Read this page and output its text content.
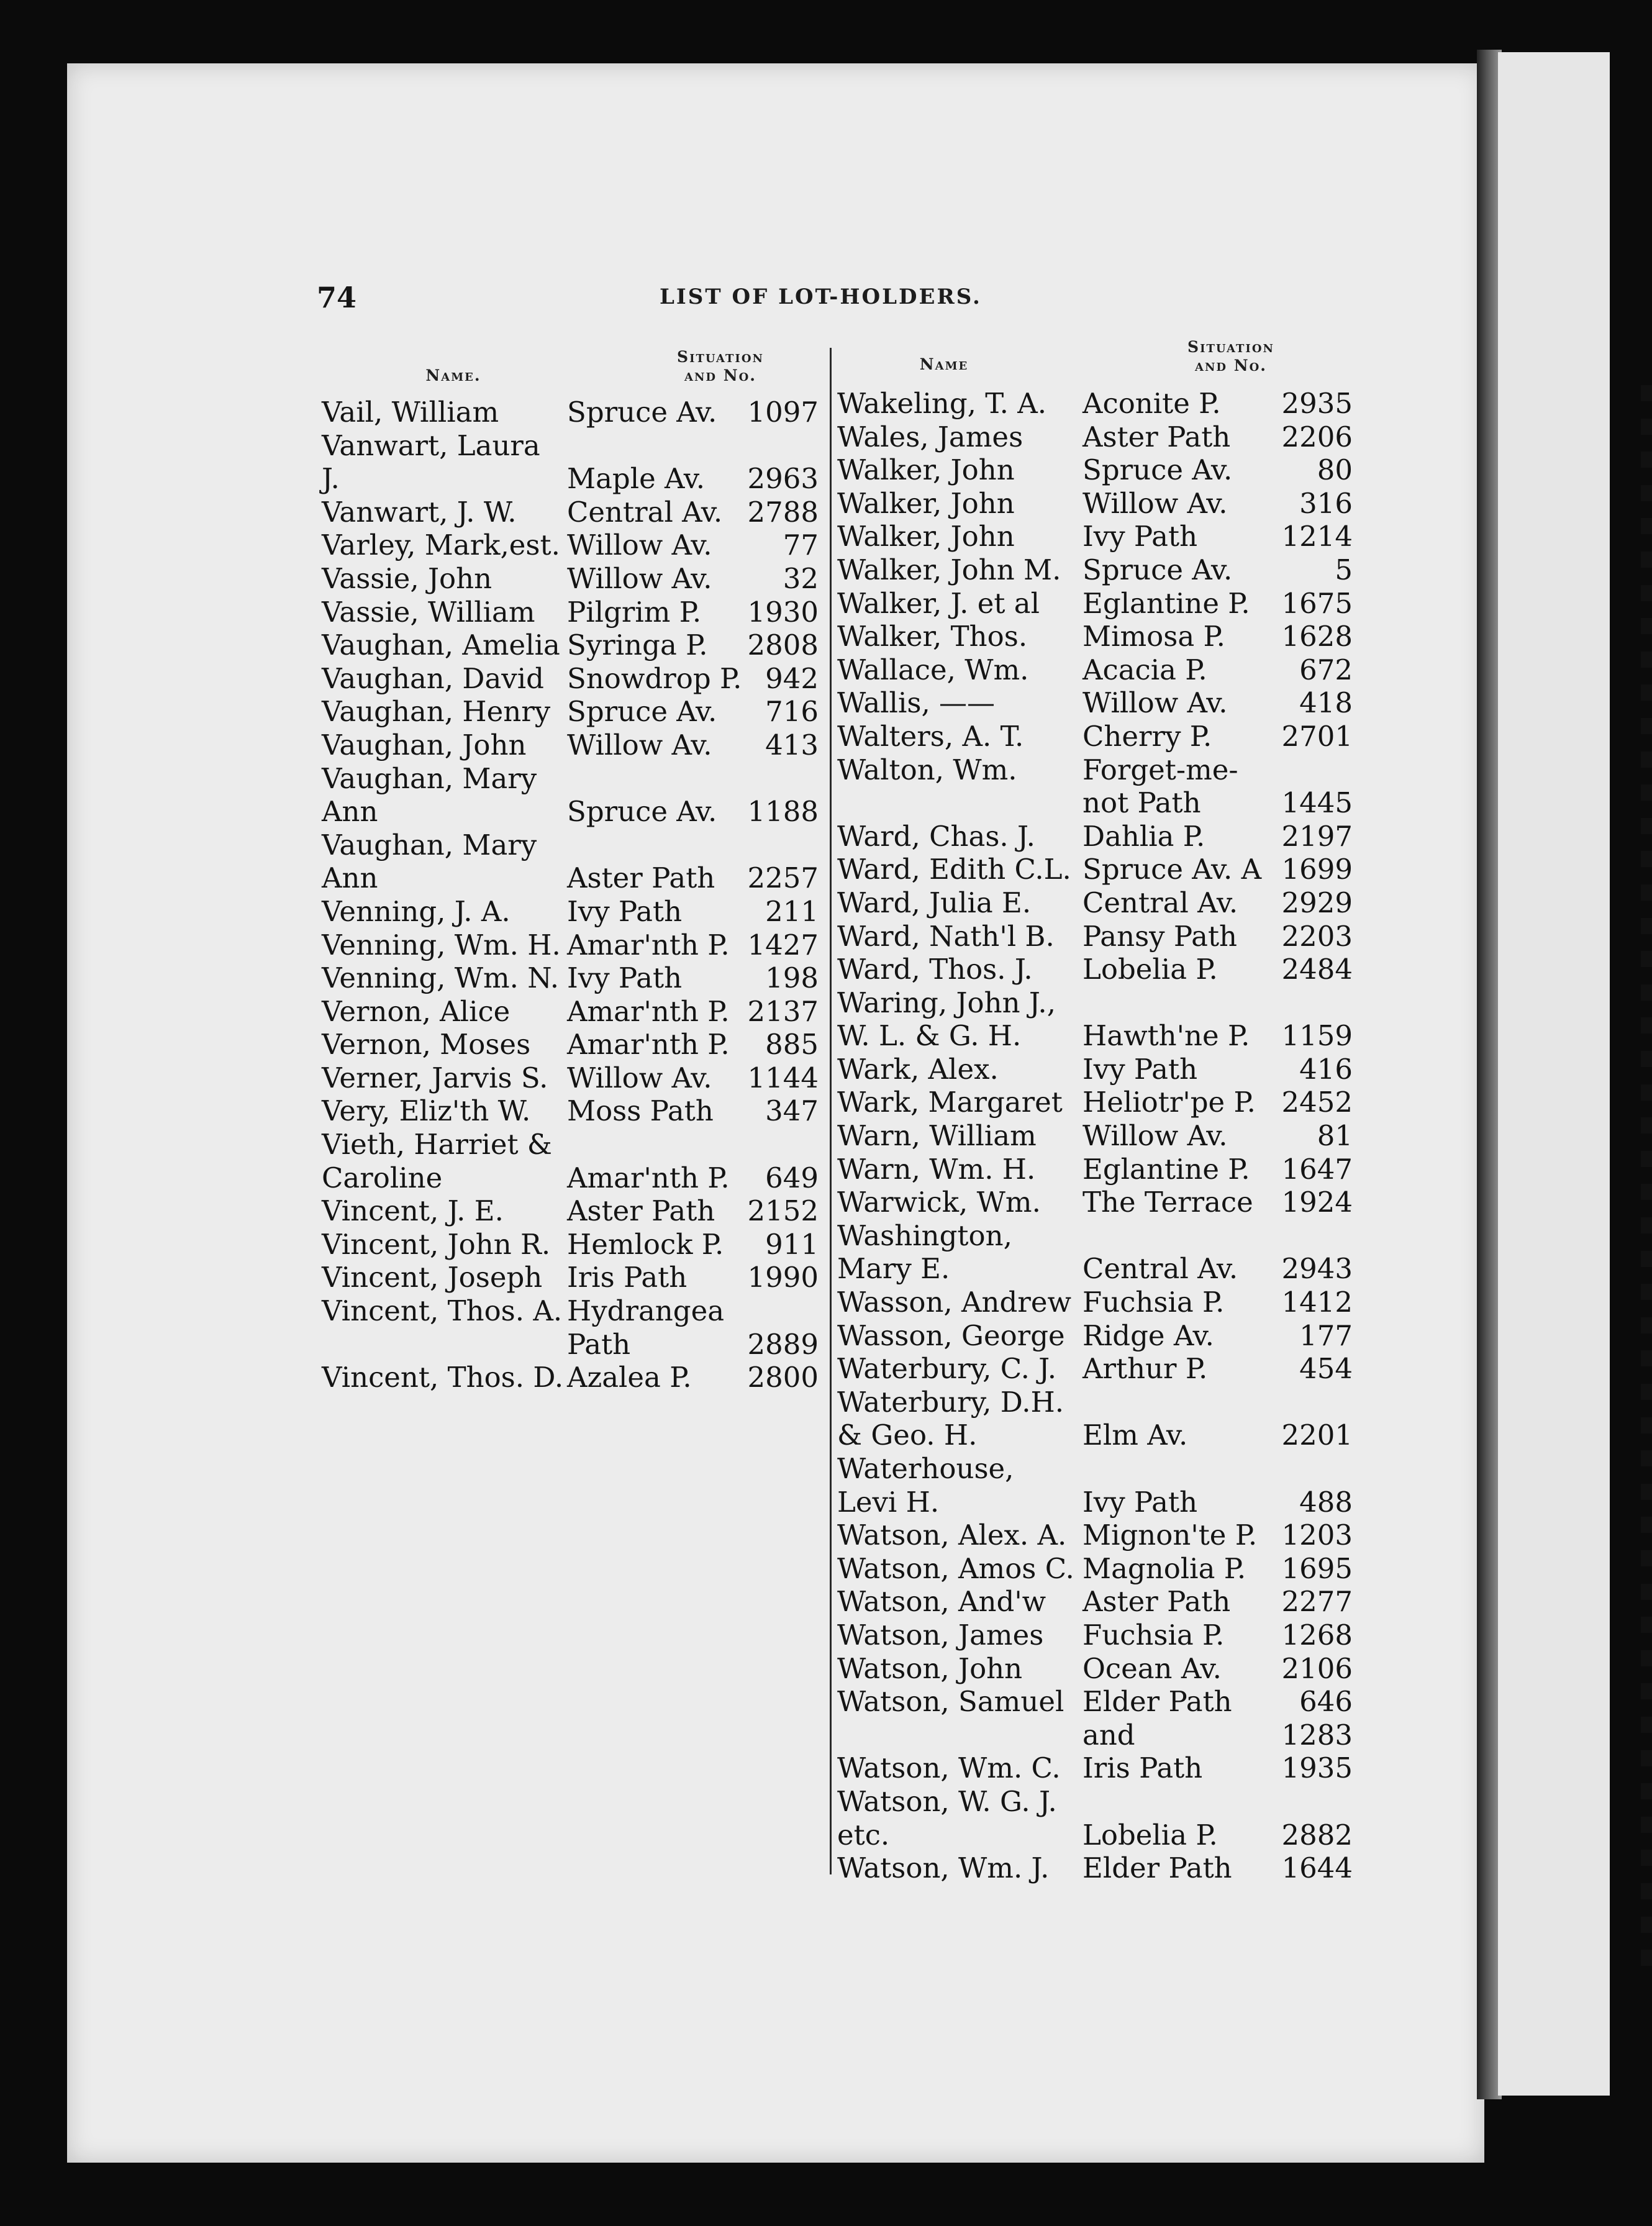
74	LIST OF LOT-HOLDERS.
Name.
Situation
and No.
Name
Situation
and No.
Vail, William Spruce Av.	1097
Vanwart, Laura
J.	Maple Av.	2963
Vanwart, J. W. Central Av. 2788
Varley, Mark,est. Willow Av.	77
Vassie, John	Willow Av.	32
Vassie, William Pilgrim P.	1930
Vaughan, Amelia Syringa P.	2808
Vaughan, David Snowdrop P. 942
Vaughan, Henry Spruce Av.	716
Vaughan, John Willow Av.	413
Vaughan, Mary
Ann	Spruce Av.	1188
Vaughan, Mary
Ann	Aster Path	2257
Venning, J. A. Ivy Path	211
Venning, Wm. H. Amar'nth P. 1427
Venning, Wm. N. Ivy Path	198
Vernon, Alice Amar'nth P. 2137
Vernon, Moses Amar'nth P.	885
Verner, Jarvis S. Willow Av.	1144
Very, Eliz'th W. Moss Path	347
Vieth, Harriet &
Caroline	Amar'nth P.	649
Vincent, J. E. Aster Path	2152
Vincent, John R. Hemlock P.	911
Vincent, Joseph Iris Path	1990
Vincent, Thos. A. Hydrangea
Path	2889
Vincent, Thos. D. Azalea P.	2800
Wakeling, T. A. Aconite P.	2935
Wales, James Aster Path	2206
Walker, John Spruce Av.	80
Walker, John Willow Av.	316
Walker, John Ivy Path	1214
Walker, John M. Spruce Av.	5
Walker, J. et al Eglantine P.	1675
Walker, Thos. Mimosa P.	1628
Wallace, Wm. Acacia P.	672
Wallis, ——	Willow Av.	418
Walters, A. T. Cherry P.	2701
Walton, Wm. Forget-me-
not Path	1445
Ward, Chas. J. Dahlia P.	2197
Ward, Edith C.L. Spruce Av. A 1699
Ward, Julia E. Central Av.	2929
Ward, Nath'l B. Pansy Path	2203
Ward, Thos. J. Lobelia P.	2484
Waring, John J.,
W. L. & G. H. Hawth'ne P.	1159
Wark, Alex.	Ivy Path	416
Wark, Margaret Heliotr'pe P. 2452
Warn, William Willow Av.	81
Warn, Wm. H. Eglantine P.	1647
Warwick, Wm. The Terrace	1924
Washington,
Mary E.	Central Av.	2943
Wasson, Andrew Fuchsia P.	1412
Wasson, George Ridge Av.	177
Waterbury, C. J. Arthur P.	454
Waterbury, D.H.
& Geo. H.	Elm Av.	2201
Waterhouse,
Levi H.	Ivy Path	488
Watson, Alex. A. Mignon'te P. 1203
Watson, Amos C. Magnolia P.	1695
Watson, And'w Aster Path	2277
Watson, James Fuchsia P.	1268
Watson, John Ocean Av.	2106
Watson, Samuel Elder Path	646
and	1283
Watson, Wm. C. Iris Path	1935
Watson, W. G. J.
etc.	Lobelia P.	2882
Watson, Wm. J. Elder Path	1644
